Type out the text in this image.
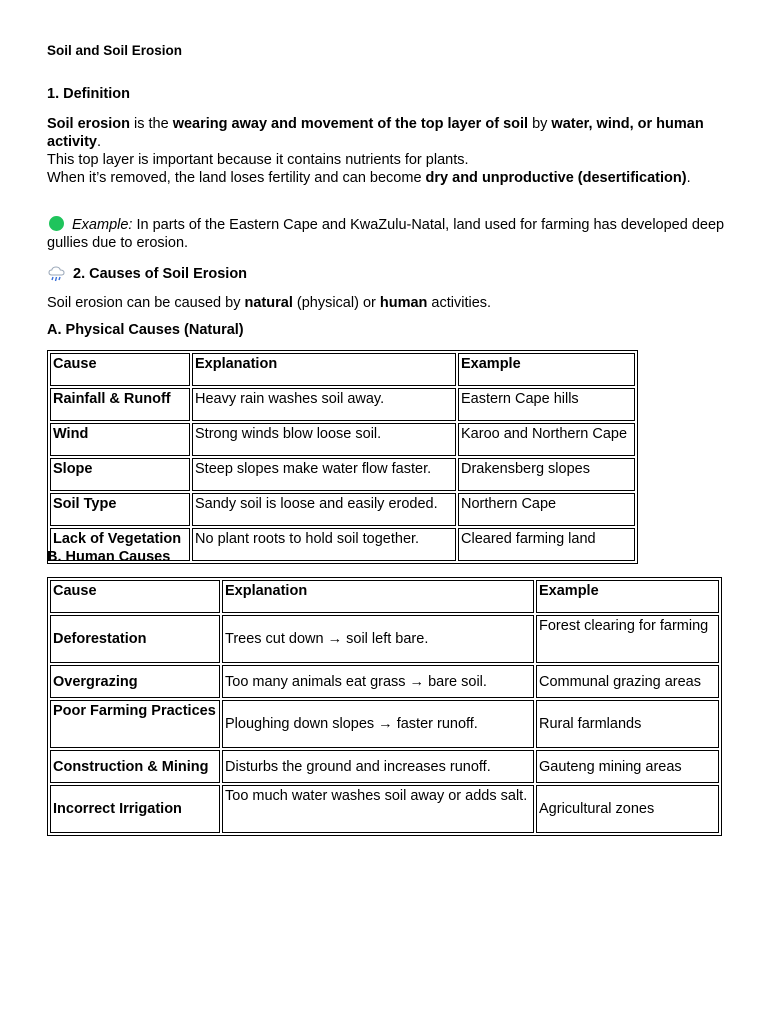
Soil and Soil Erosion
1. Definition
Soil erosion is the wearing away and movement of the top layer of soil by water, wind, or human activity.
This top layer is important because it contains nutrients for plants.
When it’s removed, the land loses fertility and can become dry and unproductive (desertification).
Example: In parts of the Eastern Cape and KwaZulu-Natal, land used for farming has developed deep gullies due to erosion.
2. Causes of Soil Erosion
Soil erosion can be caused by natural (physical) or human activities.
A. Physical Causes (Natural)
Cause	Explanation	Example
Rainfall & Runoff	Heavy rain washes soil away.	Eastern Cape hills
Wind	Strong winds blow loose soil.	Karoo and Northern Cape
Slope	Steep slopes make water flow faster.	Drakensberg slopes
Soil Type	Sandy soil is loose and easily eroded.	Northern Cape
Lack of Vegetation	No plant roots to hold soil together.	Cleared farming land
B. Human Causes
Cause	Explanation	Example
Deforestation	Trees cut down → soil left bare.	Forest clearing for farming
Overgrazing	Too many animals eat grass → bare soil.	Communal grazing areas
Poor Farming Practices	Ploughing down slopes → faster runoff.	Rural farmlands
Construction & Mining	Disturbs the ground and increases runoff.	Gauteng mining areas
Incorrect Irrigation	Too much water washes soil away or adds salt.	Agricultural zones
